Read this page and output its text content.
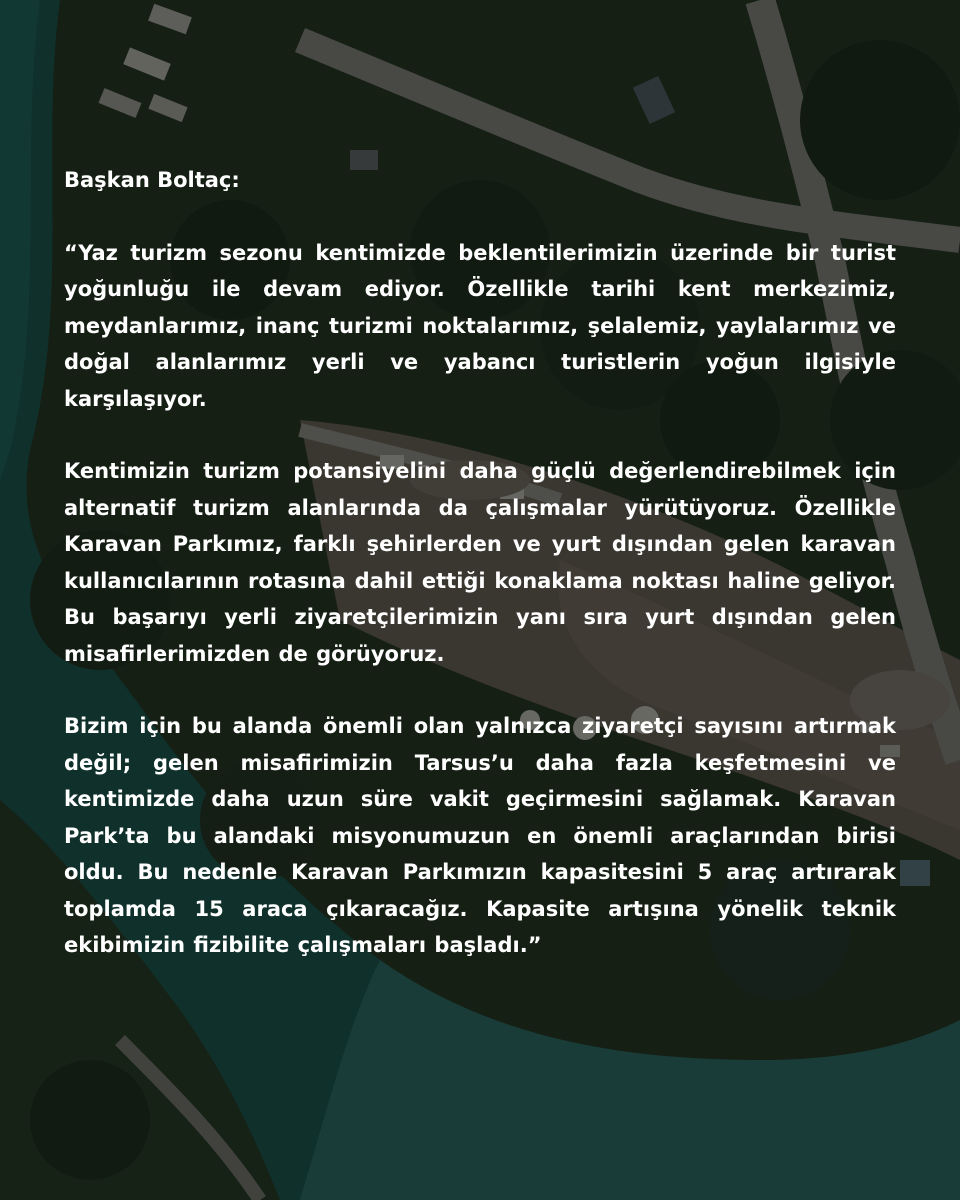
Başkan Boltaç:

“Yaz turizm sezonu kentimizde beklentilerimizin üzerinde bir turist yoğunluğu ile devam ediyor. Özellikle tarihi kent merkezimiz, meydanlarımız, inanç turizmi noktalarımız, şelalemiz, yaylalarımız ve doğal alanlarımız yerli ve yabancı turistlerin yoğun ilgisiyle karşılaşıyor.

Kentimizin turizm potansiyelini daha güçlü değerlendirebilmek için alternatif turizm alanlarında da çalışmalar yürütüyoruz. Özellikle Karavan Parkımız, farklı şehirlerden ve yurt dışından gelen karavan kullanıcılarının rotasına dahil ettiği konaklama noktası haline geliyor. Bu başarıyı yerli ziyaretçilerimizin yanı sıra yurt dışından gelen misafirlerimizden de görüyoruz.

Bizim için bu alanda önemli olan yalnızca ziyaretçi sayısını artırmak değil; gelen misafirimizin Tarsus’u daha fazla keşfetmesini ve kentimizde daha uzun süre vakit geçirmesini sağlamak. Karavan Park’ta bu alandaki misyonumuzun en önemli araçlarından birisi oldu. Bu nedenle Karavan Parkımızın kapasitesini 5 araç artırarak toplamda 15 araca çıkaracağız. Kapasite artışına yönelik teknik ekibimizin fizibilite çalışmaları başladı.”
